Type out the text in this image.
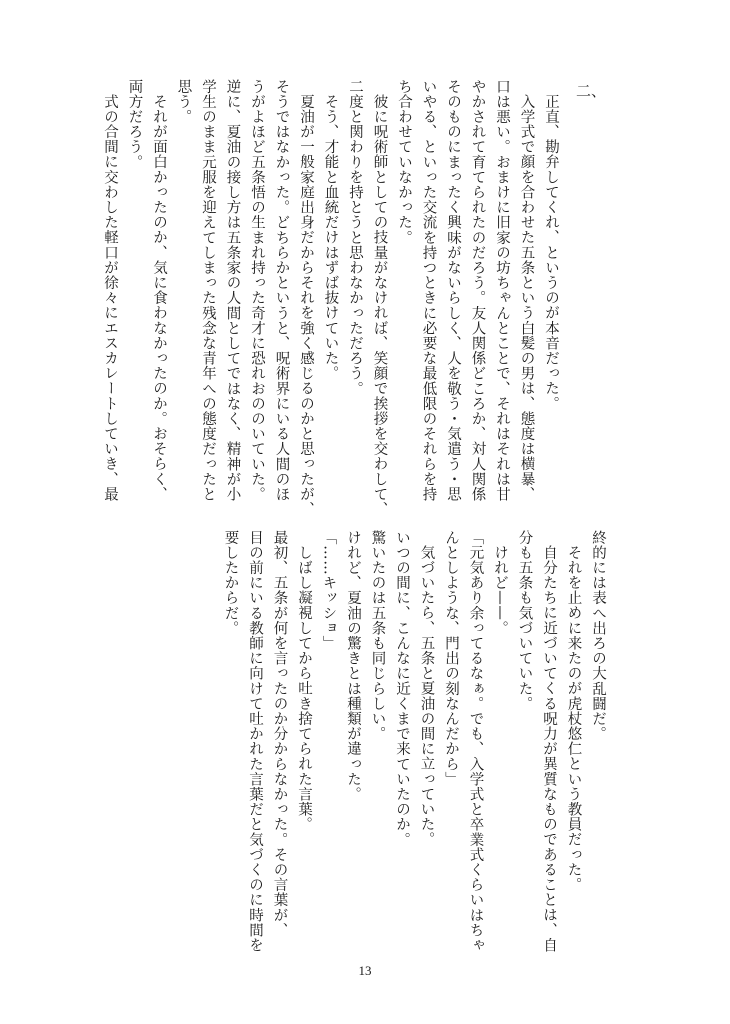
二、

正直、勘弁してくれ、というのが本音だった。

入学式で顔を合わせた五条という白髪の男は、態度は横暴、

口は悪い。おまけに旧家の坊ちゃんとことで、それはそれは甘

やかされて育てられたのだろう。友人関係どころか、対人関係

そのものにまったく興味がないらしく、人を敬う・気遣う・思

いやる、といった交流を持つときに必要な最低限のそれらを持

ち合わせていなかった。

彼に呪術師としての技量がなければ、笑顔で挨拶を交わして、

二度と関わりを持とうと思わなかっただろう。

そう、才能と血統だけはずば抜けていた。

夏油が一般家庭出身だからそれを強く感じるのかと思ったが、

そうではなかった。どちらかというと、呪術界にいる人間のほ

うがよほど五条悟の生まれ持った奇才に恐れおののいていた。

逆に、夏油の接し方は五条家の人間としてではなく、精神が小

学生のまま元服を迎えてしまった残念な青年への態度だったと

思う。

それが面白かったのか、気に食わなかったのか。おそらく、

両方だろう。

式の合間に交わした軽口が徐々にエスカレートしていき、最

終的には表へ出ろの大乱闘だ。

それを止めに来たのが虎杖悠仁という教員だった。

自分たちに近づいてくる呪力が異質なものであることは、自

分も五条も気づいていた。

けれど——。

「元気あり余ってるなぁ。でも、入学式と卒業式くらいはちゃ

んとしような、門出の刻なんだから」

気づいたら、五条と夏油の間に立っていた。

いつの間に、こんなに近くまで来ていたのか。

驚いたのは五条も同じらしい。

けれど、夏油の驚きとは種類が違った。

「……キッショ」

しばし凝視してから吐き捨てられた言葉。

最初、五条が何を言ったのか分からなかった。その言葉が、

目の前にいる教師に向けて吐かれた言葉だと気づくのに時間を

要したからだ。

13
